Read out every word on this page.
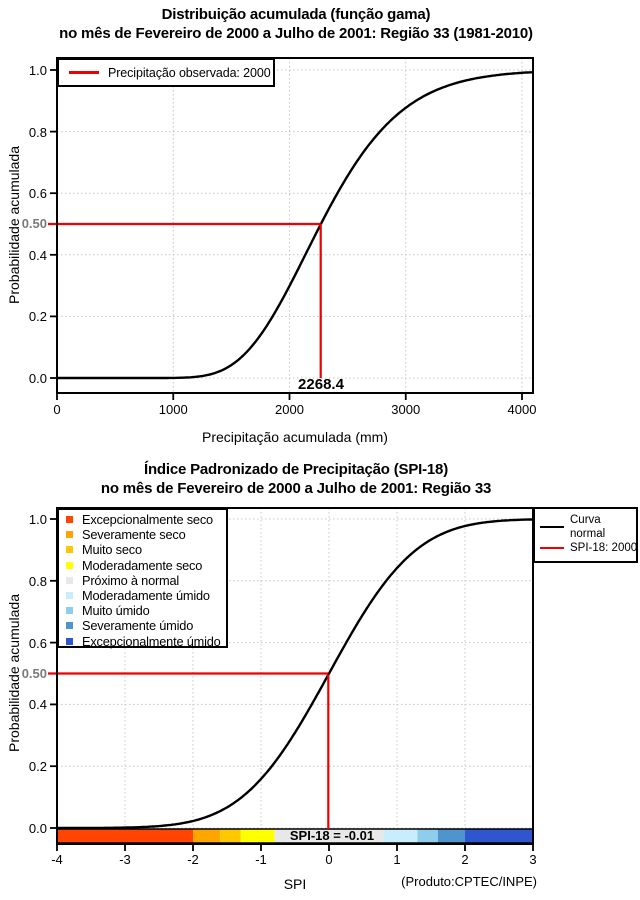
Distribuição acumulada (função gama)
no mês de Fevereiro de 2000 a Julho de 2001: Região 33 (1981-2010)
0.0
0.2
0.4
0.6
0.8
1.0
0.50
0	1000	2000	3000	4000
Probabilidade acumulada
Precipitação acumulada (mm)
Precipitação observada: 2000
2268.4
Índice Padronizado de Precipitação (SPI-18)
no mês de Fevereiro de 2000 a Julho de 2001: Região 33
0.0
0.2
0.4
0.6
0.8
1.0
0.50
-4	-3	-2	-1	0	1	2	3
Probabilidade acumulada
SPI	(Produto:CPTEC/INPE)
Excepcionalmente seco
Severamente seco
Muito seco
Moderadamente seco
Próximo à normal
Moderadamente úmido
Muito úmido
Severamente úmido
Excepcionalmente úmido
Curva
normal
SPI-18: 2000
SPI-18 = -0.01
